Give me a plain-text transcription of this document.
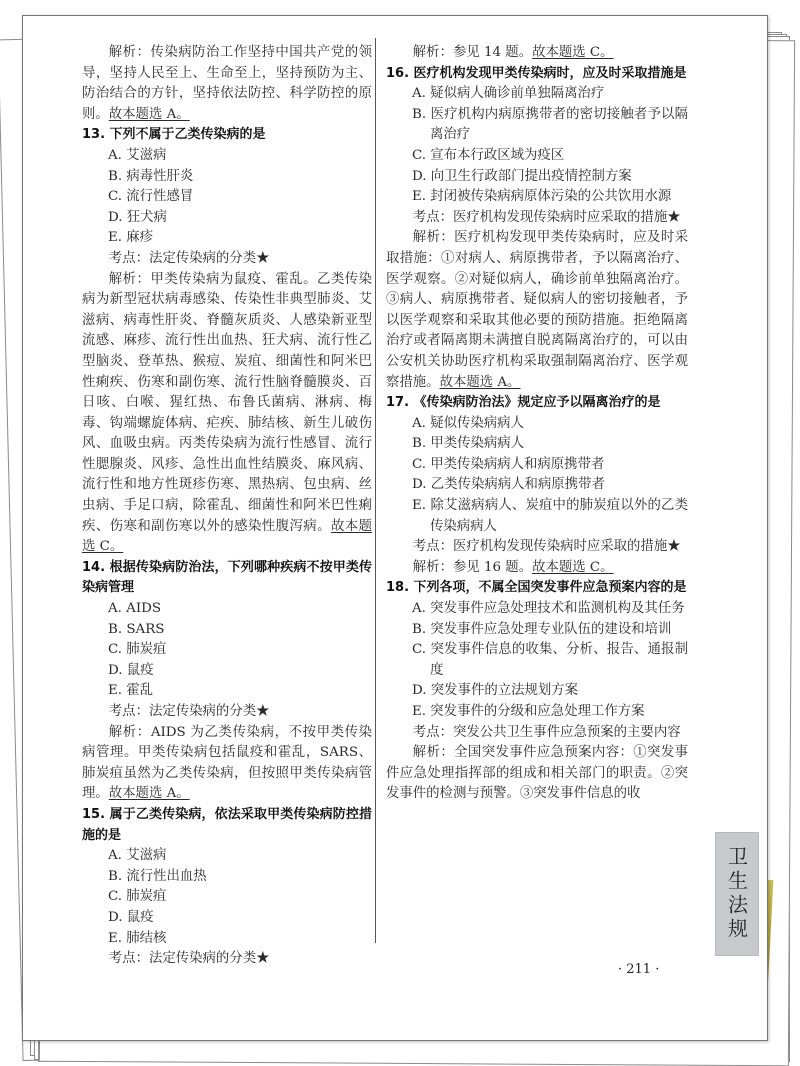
解析：传染病防治工作坚持中国共产党的领导，坚持人民至上、生命至上，坚持预防为主、防治结合的方针，坚持依法防控、科学防控的原则。故本题选 A。

13. 下列不属于乙类传染病的是

A. 艾滋病

B. 病毒性肝炎

C. 流行性感冒

D. 狂犬病

E. 麻疹

考点：法定传染病的分类★

解析：甲类传染病为鼠疫、霍乱。乙类传染病为新型冠状病毒感染、传染性非典型肺炎、艾滋病、病毒性肝炎、脊髓灰质炎、人感染新亚型流感、麻疹、流行性出血热、狂犬病、流行性乙型脑炎、登革热、猴痘、炭疽、细菌性和阿米巴性痢疾、伤寒和副伤寒、流行性脑脊髓膜炎、百日咳、白喉、猩红热、布鲁氏菌病、淋病、梅毒、钩端螺旋体病、疟疾、肺结核、新生儿破伤风、血吸虫病。丙类传染病为流行性感冒、流行性腮腺炎、风疹、急性出血性结膜炎、麻风病、流行性和地方性斑疹伤寒、黑热病、包虫病、丝虫病、手足口病，除霍乱、细菌性和阿米巴性痢疾、伤寒和副伤寒以外的感染性腹泻病。故本题选 C。

14. 根据传染病防治法，下列哪种疾病不按甲类传染病管理

A. AIDS

B. SARS

C. 肺炭疽

D. 鼠疫

E. 霍乱

考点：法定传染病的分类★

解析：AIDS 为乙类传染病，不按甲类传染病管理。甲类传染病包括鼠疫和霍乱，SARS、肺炭疽虽然为乙类传染病，但按照甲类传染病管理。故本题选 A。

15. 属于乙类传染病，依法采取甲类传染病防控措施的是

A. 艾滋病

B. 流行性出血热

C. 肺炭疽

D. 鼠疫

E. 肺结核

考点：法定传染病的分类★

解析：参见 14 题。故本题选 C。

16. 医疗机构发现甲类传染病时，应及时采取措施是

A. 疑似病人确诊前单独隔离治疗

B. 医疗机构内病原携带者的密切接触者予以隔离治疗

C. 宣布本行政区域为疫区

D. 向卫生行政部门提出疫情控制方案

E. 封闭被传染病病原体污染的公共饮用水源

考点：医疗机构发现传染病时应采取的措施★

解析：医疗机构发现甲类传染病时，应及时采取措施：①对病人、病原携带者，予以隔离治疗、医学观察。②对疑似病人，确诊前单独隔离治疗。③病人、病原携带者、疑似病人的密切接触者，予以医学观察和采取其他必要的预防措施。拒绝隔离治疗或者隔离期未满擅自脱离隔离治疗的，可以由公安机关协助医疗机构采取强制隔离治疗、医学观察措施。故本题选 A。

17. 《传染病防治法》规定应予以隔离治疗的是

A. 疑似传染病病人

B. 甲类传染病病人

C. 甲类传染病病人和病原携带者

D. 乙类传染病病人和病原携带者

E. 除艾滋病病人、炭疽中的肺炭疽以外的乙类传染病病人

考点：医疗机构发现传染病时应采取的措施★

解析：参见 16 题。故本题选 C。

18. 下列各项，不属全国突发事件应急预案内容的是

A. 突发事件应急处理技术和监测机构及其任务

B. 突发事件应急处理专业队伍的建设和培训

C. 突发事件信息的收集、分析、报告、通报制度

D. 突发事件的立法规划方案

E. 突发事件的分级和应急处理工作方案

考点：突发公共卫生事件应急预案的主要内容

解析：全国突发事件应急预案内容：①突发事件应急处理指挥部的组成和相关部门的职责。②突发事件的检测与预警。③突发事件信息的收

· 211 ·
卫生法规
